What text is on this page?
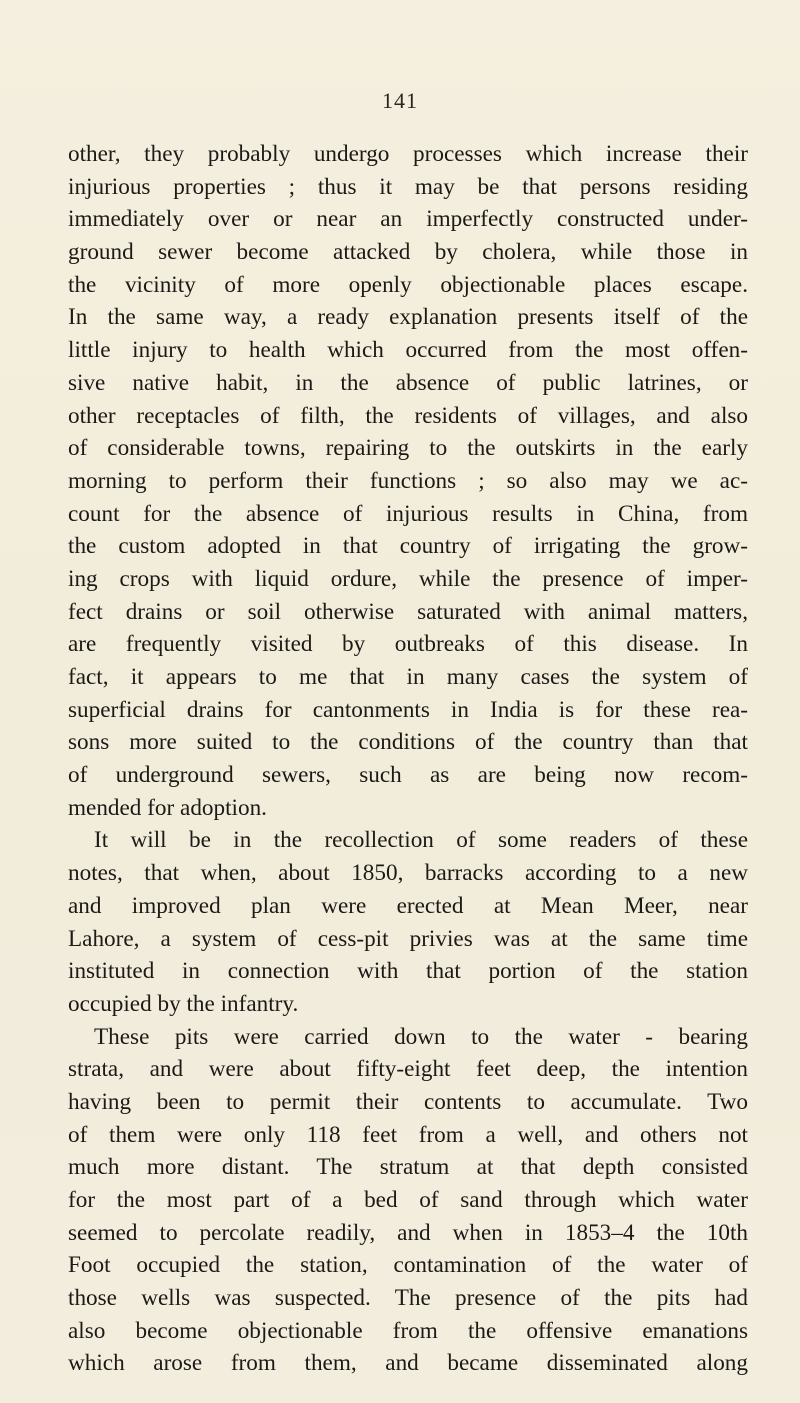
141
other, they probably undergo processes which increase their
injurious properties ; thus it may be that persons residing
immediately over or near an imperfectly constructed under-
ground sewer become attacked by cholera, while those in
the vicinity of more openly objectionable places escape.
In the same way, a ready explanation presents itself of the
little injury to health which occurred from the most offen-
sive native habit, in the absence of public latrines, or
other receptacles of filth, the residents of villages, and also
of considerable towns, repairing to the outskirts in the early
morning to perform their functions ; so also may we ac-
count for the absence of injurious results in China, from
the custom adopted in that country of irrigating the grow-
ing crops with liquid ordure, while the presence of imper-
fect drains or soil otherwise saturated with animal matters,
are frequently visited by outbreaks of this disease. In
fact, it appears to me that in many cases the system of
superficial drains for cantonments in India is for these rea-
sons more suited to the conditions of the country than that
of underground sewers, such as are being now recom-
mended for adoption.
It will be in the recollection of some readers of these
notes, that when, about 1850, barracks according to a new
and improved plan were erected at Mean Meer, near
Lahore, a system of cess-pit privies was at the same time
instituted in connection with that portion of the station
occupied by the infantry.
These pits were carried down to the water - bearing
strata, and were about fifty-eight feet deep, the intention
having been to permit their contents to accumulate. Two
of them were only 118 feet from a well, and others not
much more distant. The stratum at that depth consisted
for the most part of a bed of sand through which water
seemed to percolate readily, and when in 1853–4 the 10th
Foot occupied the station, contamination of the water of
those wells was suspected. The presence of the pits had
also become objectionable from the offensive emanations
which arose from them, and became disseminated along
